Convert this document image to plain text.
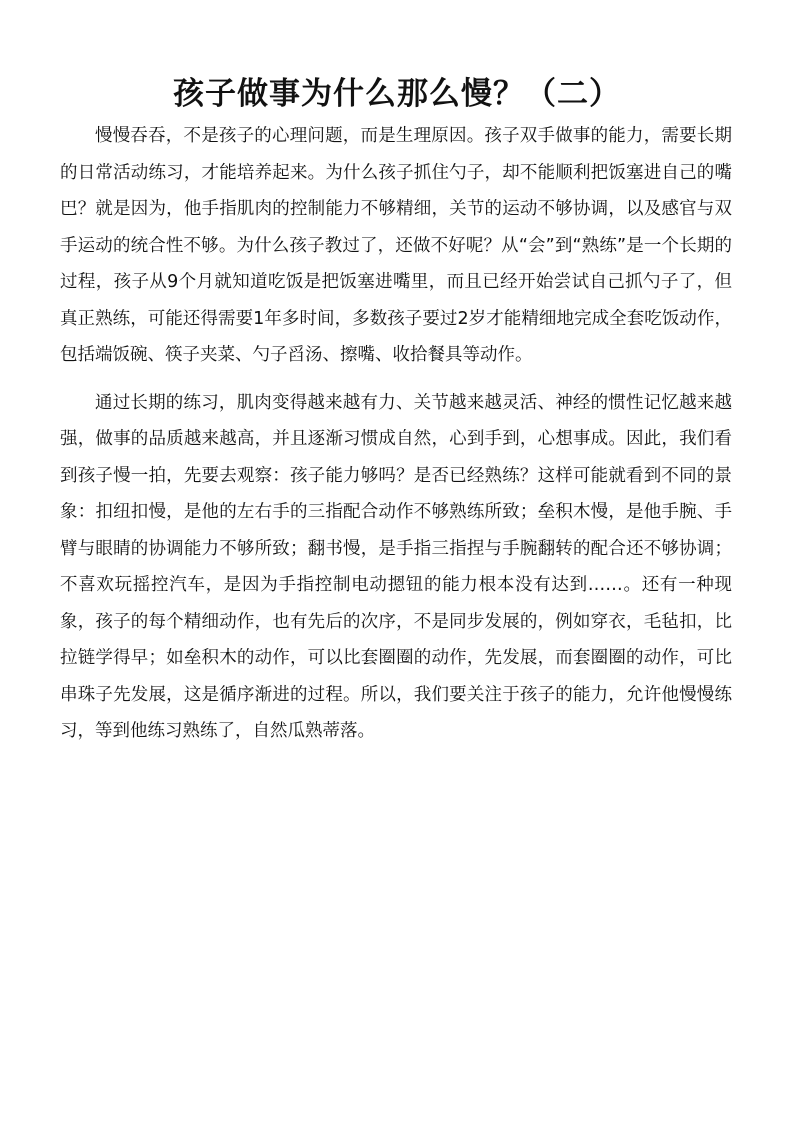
孩子做事为什么那么慢？（二）

慢慢吞吞，不是孩子的心理问题，而是生理原因。孩子双手做事的能力，需要长期的日常活动练习，才能培养起来。为什么孩子抓住勺子，却不能顺利把饭塞进自己的嘴巴？就是因为，他手指肌肉的控制能力不够精细，关节的运动不够协调，以及感官与双手运动的统合性不够。为什么孩子教过了，还做不好呢？从“会”到“熟练”是一个长期的过程，孩子从9个月就知道吃饭是把饭塞进嘴里，而且已经开始尝试自己抓勺子了，但真正熟练，可能还得需要1年多时间，多数孩子要过2岁才能精细地完成全套吃饭动作，包括端饭碗、筷子夹菜、勺子舀汤、擦嘴、收拾餐具等动作。

通过长期的练习，肌肉变得越来越有力、关节越来越灵活、神经的惯性记忆越来越强，做事的品质越来越高，并且逐渐习惯成自然，心到手到，心想事成。因此，我们看到孩子慢一拍，先要去观察：孩子能力够吗？是否已经熟练？这样可能就看到不同的景象：扣纽扣慢，是他的左右手的三指配合动作不够熟练所致；垒积木慢，是他手腕、手臂与眼睛的协调能力不够所致；翻书慢，是手指三指捏与手腕翻转的配合还不够协调；不喜欢玩摇控汽车，是因为手指控制电动摁钮的能力根本没有达到……。还有一种现象，孩子的每个精细动作，也有先后的次序，不是同步发展的，例如穿衣，毛毡扣，比拉链学得早；如垒积木的动作，可以比套圈圈的动作，先发展，而套圈圈的动作，可比串珠子先发展，这是循序渐进的过程。所以，我们要关注于孩子的能力，允许他慢慢练习，等到他练习熟练了，自然瓜熟蒂落。
